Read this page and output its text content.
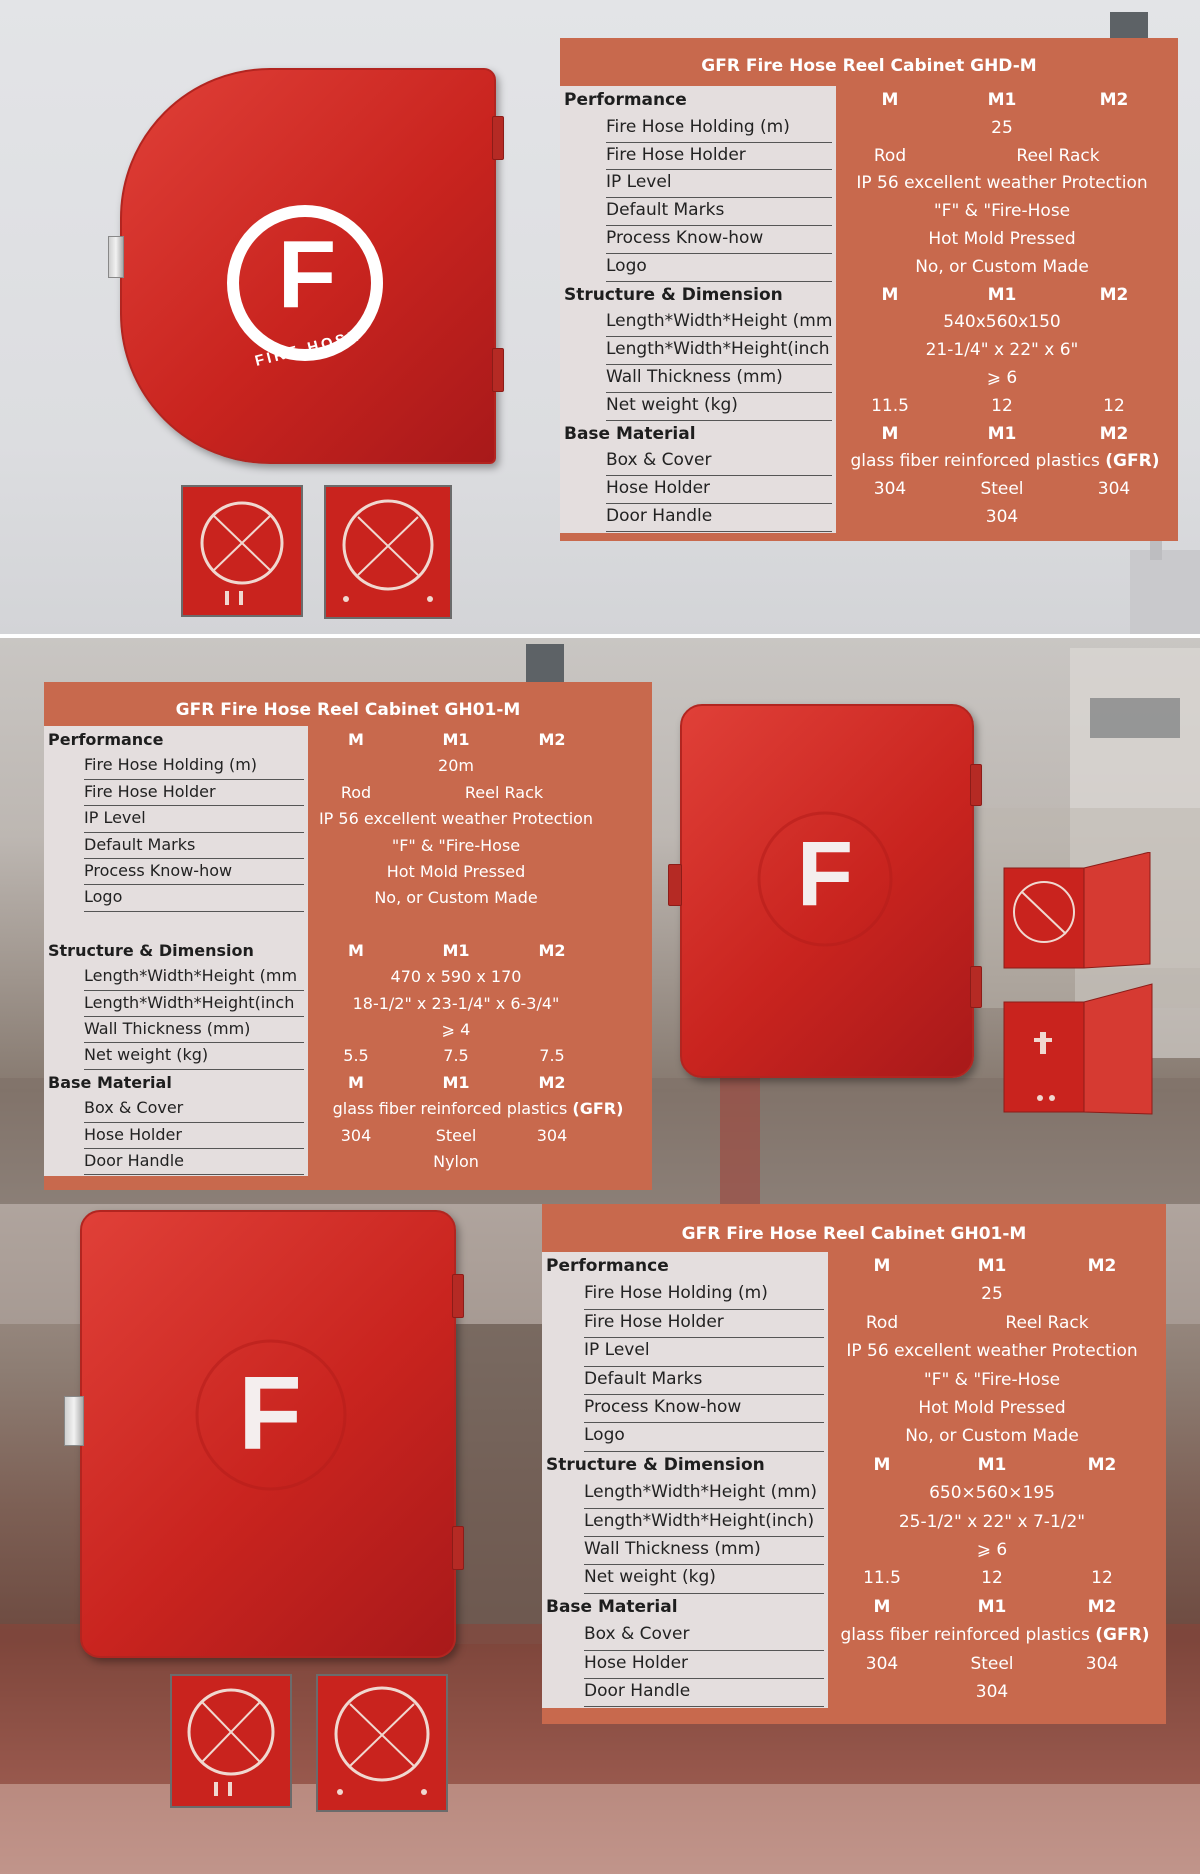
F
FIRE-HOSE
GFR Fire Hose Reel Cabinet GHD-M
Performance	M	M1	M2
Fire Hose Holding (m)	25
Fire Hose Holder	Rod	Reel Rack
IP Level	IP 56 excellent weather Protection
Default Marks	"F" & "Fire-Hose
Process Know-how	Hot Mold Pressed
Logo	No, or Custom Made
Structure & Dimension	M	M1	M2
Length*Width*Height (mm	540x560x150
Length*Width*Height(inch	21-1/4" x 22" x 6"
Wall Thickness (mm)	⩾ 6
Net weight (kg)	11.5	12	12
Base Material	M	M1	M2
Box & Cover	glass fiber reinforced plastics (GFR)
Hose Holder	304	Steel	304
Door Handle	304
GFR Fire Hose Reel Cabinet GH01-M
Performance	M	M1	M2
Fire Hose Holding (m)	20m
Fire Hose Holder	Rod	Reel Rack
IP Level	IP 56 excellent weather Protection
Default Marks	"F" & "Fire-Hose
Process Know-how	Hot Mold Pressed
Logo	No, or Custom Made
Structure & Dimension	M	M1	M2
Length*Width*Height (mm	470 x 590 x 170
Length*Width*Height(inch	18-1/2" x 23-1/4" x 6-3/4"
Wall Thickness (mm)	⩾ 4
Net weight (kg)	5.5	7.5	7.5
Base Material	M	M1	M2
Box & Cover	glass fiber reinforced plastics (GFR)
Hose Holder	304	Steel	304
Door Handle	Nylon
F
F
GFR Fire Hose Reel Cabinet GH01-M
Performance	M	M1	M2
Fire Hose Holding (m)	25
Fire Hose Holder	Rod	Reel Rack
IP Level	IP 56 excellent weather Protection
Default Marks	"F" & "Fire-Hose
Process Know-how	Hot Mold Pressed
Logo	No, or Custom Made
Structure & Dimension	M	M1	M2
Length*Width*Height (mm)	650×560×195
Length*Width*Height(inch)	25-1/2" x 22" x 7-1/2"
Wall Thickness (mm)	⩾ 6
Net weight (kg)	11.5	12	12
Base Material	M	M1	M2
Box & Cover	glass fiber reinforced plastics (GFR)
Hose Holder	304	Steel	304
Door Handle	304
